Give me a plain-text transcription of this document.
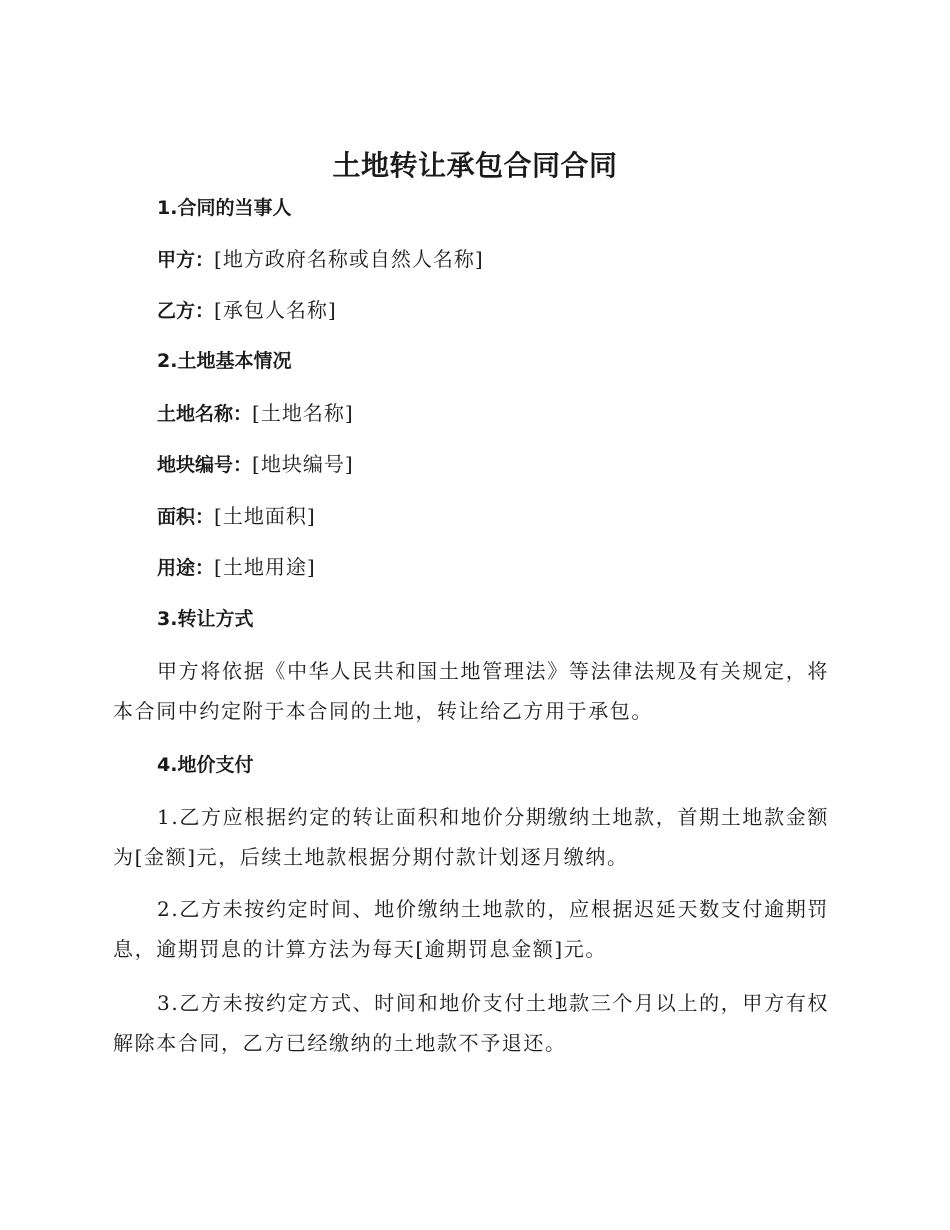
土地转让承包合同合同
1.合同的当事人
甲方：[地方政府名称或自然人名称]
乙方：[承包人名称]
2.土地基本情况
土地名称：[土地名称]
地块编号：[地块编号]
面积：[土地面积]
用途：[土地用途]
3.转让方式
甲方将依据《中华人民共和国土地管理法》等法律法规及有关规定，将本合同中约定附于本合同的土地，转让给乙方用于承包。
4.地价支付
1.乙方应根据约定的转让面积和地价分期缴纳土地款，首期土地款金额为[金额]元，后续土地款根据分期付款计划逐月缴纳。
2.乙方未按约定时间、地价缴纳土地款的，应根据迟延天数支付逾期罚息，逾期罚息的计算方法为每天[逾期罚息金额]元。
3.乙方未按约定方式、时间和地价支付土地款三个月以上的，甲方有权解除本合同，乙方已经缴纳的土地款不予退还。
